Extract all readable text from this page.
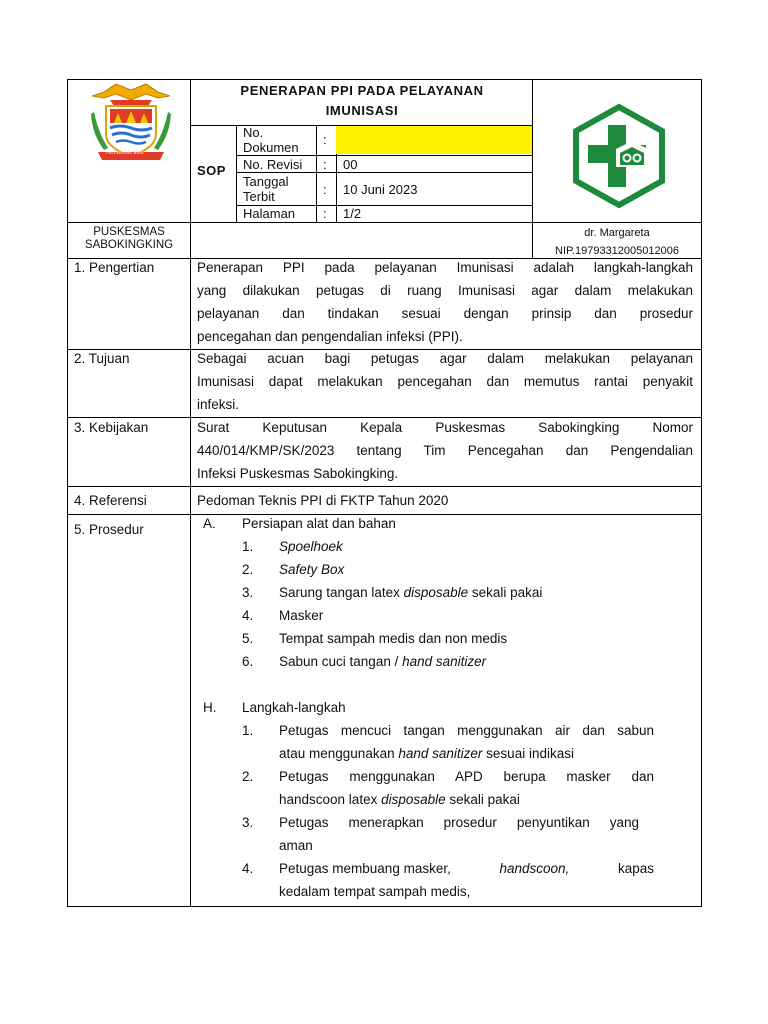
PALEMBANG BARI
PENERAPAN PPI PADA PELAYANAN
IMUNISASI
SOP
No.
Dokumen
:
No. Revisi : 00
Tanggal
Terbit	: 10 Juni 2023
Halaman : 1/2
PUSKESMAS
SABOKINGKING
dr. Margareta
NIP.19793312005012006
1. Pengertian	Penerapan PPI pada pelayanan Imunisasi adalah langkah-langkah
yang dilakukan petugas di ruang Imunisasi agar dalam melakukan
pelayanan dan tindakan sesuai dengan prinsip dan prosedur
pencegahan dan pengendalian infeksi (PPI).
2. Tujuan	Sebagai acuan bagi petugas agar dalam melakukan pelayanan
Imunisasi dapat melakukan pencegahan dan memutus rantai penyakit
infeksi.
3. Kebijakan	Surat Keputusan Kepala Puskesmas Sabokingking Nomor
440/014/KMP/SK/2023 tentang Tim Pencegahan dan Pengendalian
Infeksi Puskesmas Sabokingking.
4. Referensi	Pedoman Teknis PPI di FKTP Tahun 2020
5. Prosedur	A. Persiapan alat dan bahan
1. Spoelhoek
2. Safety Box
3. Sarung tangan latex disposable sekali pakai
4. Masker
5. Tempat sampah medis dan non medis
6. Sabun cuci tangan / hand sanitizer
H. Langkah-langkah
1. Petugas mencuci tangan menggunakan air dan sabun
atau menggunakan hand sanitizer sesuai indikasi
2. Petugas menggunakan APD berupa masker dan
handscoon latex disposable sekali pakai
3. Petugas menerapkan prosedur penyuntikan yang
aman
4. Petugas membuang masker,	handscoon,	kapas
kedalam tempat sampah medis,
